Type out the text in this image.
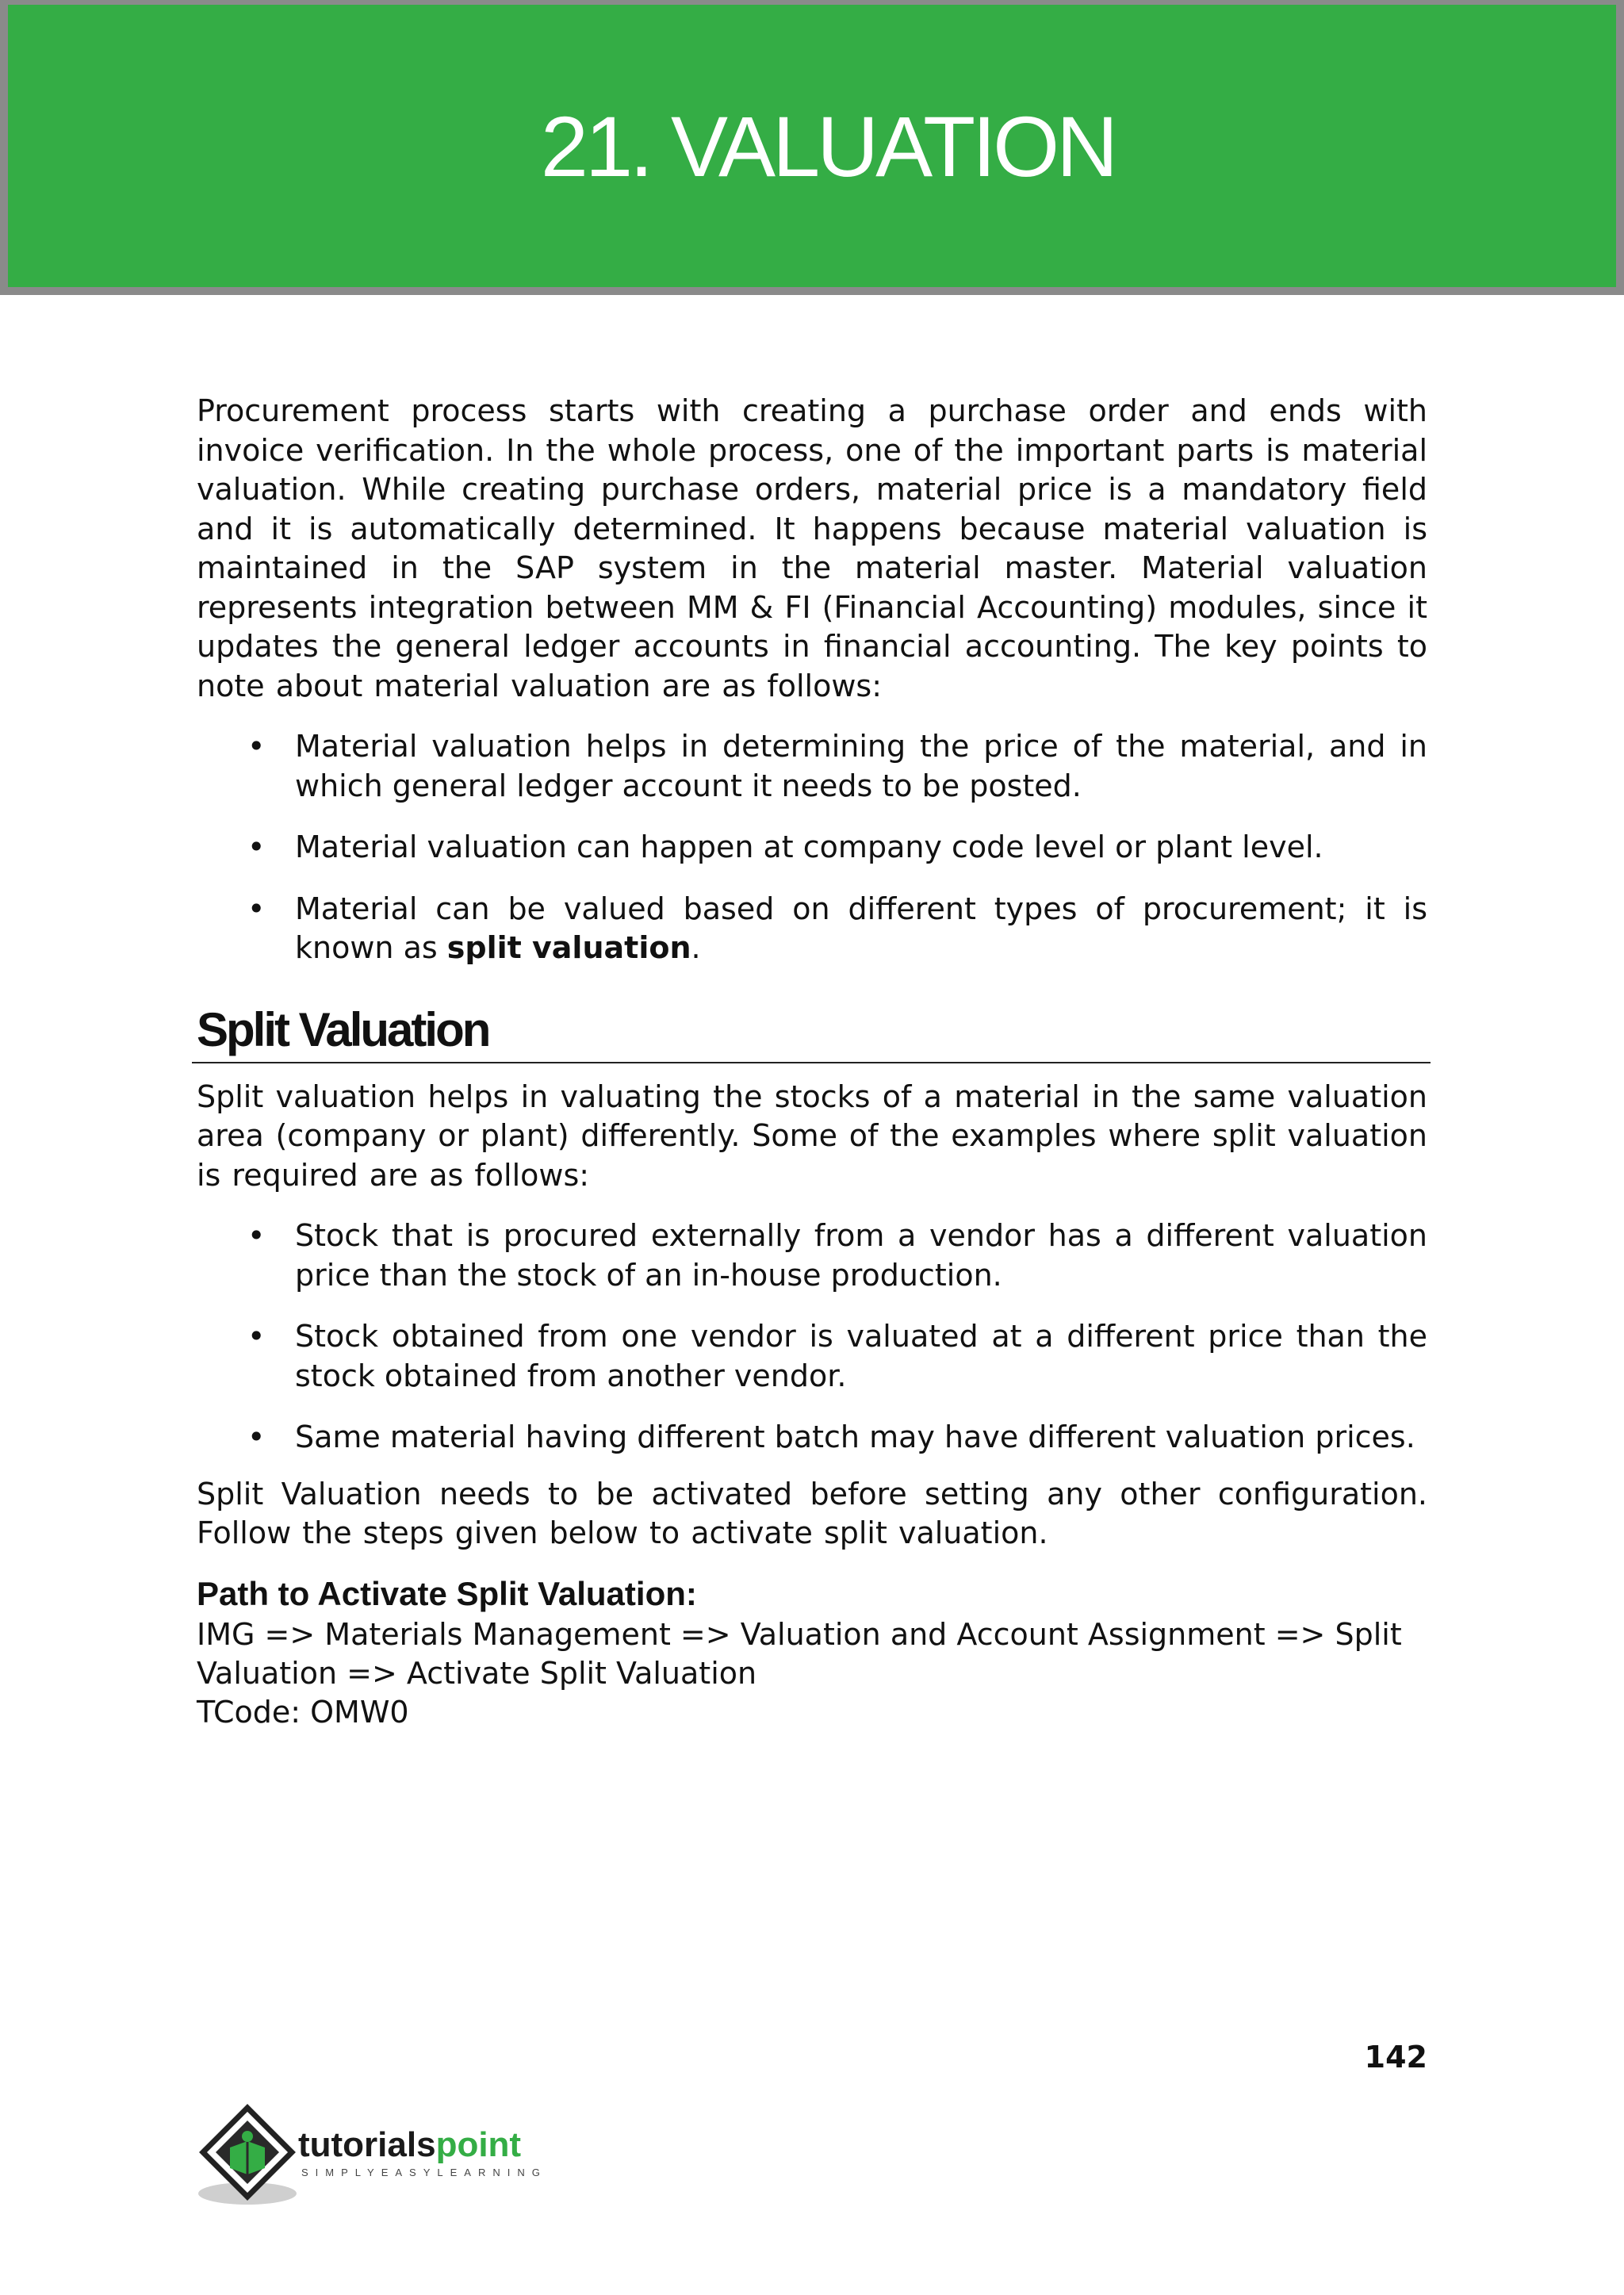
21. VALUATION

Procurement process starts with creating a purchase order and ends with invoice verification. In the whole process, one of the important parts is material valuation. While creating purchase orders, material price is a mandatory field and it is automatically determined. It happens because material valuation is maintained in the SAP system in the material master. Material valuation represents integration between MM & FI (Financial Accounting) modules, since it updates the general ledger accounts in financial accounting. The key points to note about material valuation are as follows:

• Material valuation helps in determining the price of the material, and in which general ledger account it needs to be posted.
• Material valuation can happen at company code level or plant level.
• Material can be valued based on different types of procurement; it is known as split valuation.
Split Valuation

Split valuation helps in valuating the stocks of a material in the same valuation area (company or plant) differently. Some of the examples where split valuation is required are as follows:

• Stock that is procured externally from a vendor has a different valuation price than the stock of an in-house production.
• Stock obtained from one vendor is valuated at a different price than the stock obtained from another vendor.
• Same material having different batch may have different valuation prices.

Split Valuation needs to be activated before setting any other configuration. Follow the steps given below to activate split valuation.

Path to Activate Split Valuation:

IMG => Materials Management => Valuation and Account Assignment => Split Valuation => Activate Split Valuation

TCode: OMW0

142
tutorialspoint
SIMPLYEASYLEARNING
